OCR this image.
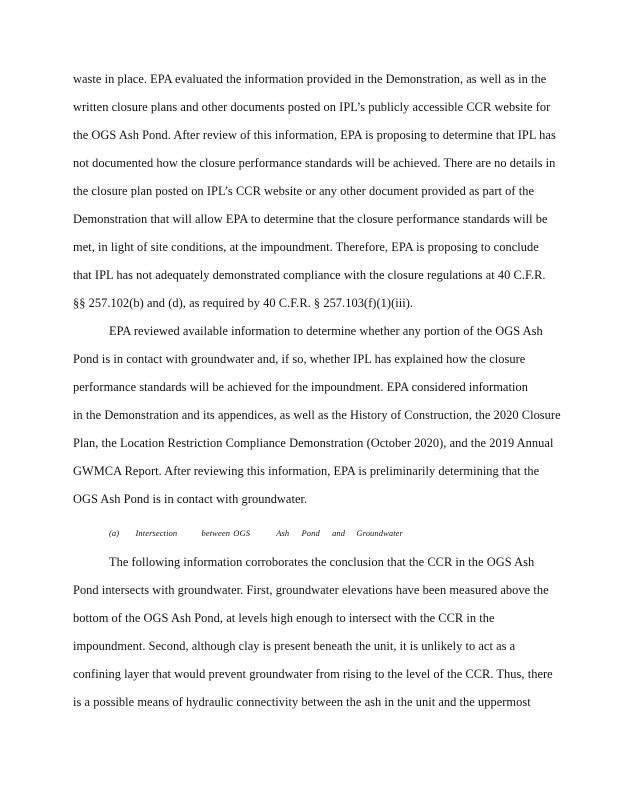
waste in place. EPA evaluated the information provided in the Demonstration, as well as in the
written closure plans and other documents posted on IPL’s publicly accessible CCR website for
the OGS Ash Pond. After review of this information, EPA is proposing to determine that IPL has
not documented how the closure performance standards will be achieved. There are no details in
the closure plan posted on IPL’s CCR website or any other document provided as part of the
Demonstration that will allow EPA to determine that the closure performance standards will be
met, in light of site conditions, at the impoundment. Therefore, EPA is proposing to conclude
that IPL has not adequately demonstrated compliance with the closure regulations at 40 C.F.R.
§§ 257.102(b) and (d), as required by 40 C.F.R. § 257.103(f)(1)(iii).
EPA reviewed available information to determine whether any portion of the OGS Ash
Pond is in contact with groundwater and, if so, whether IPL has explained how the closure
performance standards will be achieved for the impoundment. EPA considered information
in the Demonstration and its appendices, as well as the History of Construction, the 2020 Closure
Plan, the Location Restriction Compliance Demonstration (October 2020), and the 2019 Annual
GWMCA Report. After reviewing this information, EPA is preliminarily determining that the
OGS Ash Pond is in contact with groundwater.
(a) Intersection	between OGS	Ash Pond and Groundwater
The following information corroborates the conclusion that the CCR in the OGS Ash
Pond intersects with groundwater. First, groundwater elevations have been measured above the
bottom of the OGS Ash Pond, at levels high enough to intersect with the CCR in the
impoundment. Second, although clay is present beneath the unit, it is unlikely to act as a
confining layer that would prevent groundwater from rising to the level of the CCR. Thus, there
is a possible means of hydraulic connectivity between the ash in the unit and the uppermost
